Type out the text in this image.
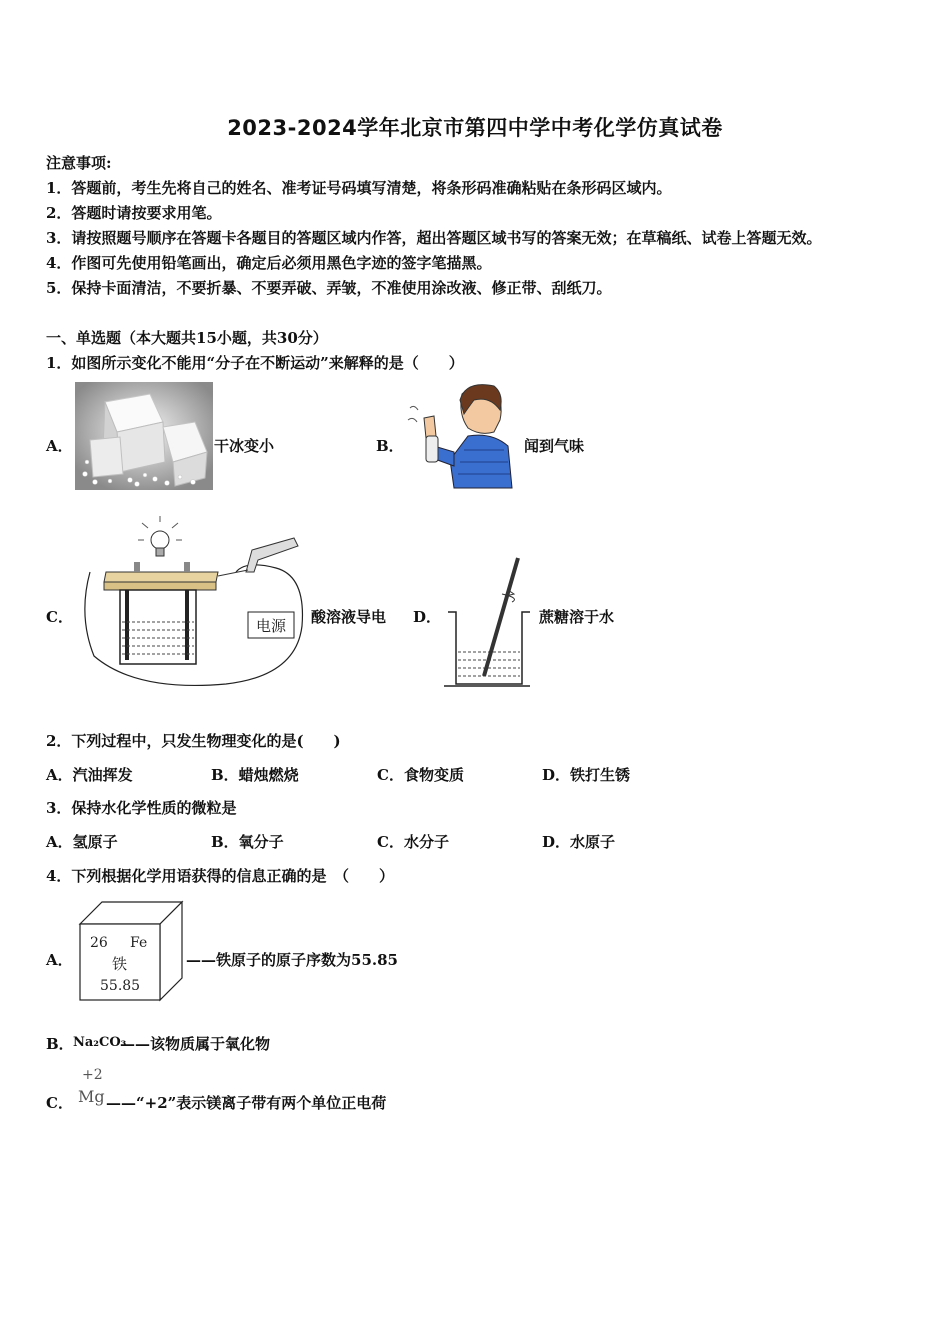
2023-2024学年北京市第四中学中考化学仿真试卷
注意事项:
1．答题前，考生先将自己的姓名、准考证号码填写清楚，将条形码准确粘贴在条形码区域内。
2．答题时请按要求用笔。
3．请按照题号顺序在答题卡各题目的答题区域内作答，超出答题区域书写的答案无效；在草稿纸、试卷上答题无效。
4．作图可先使用铅笔画出，确定后必须用黑色字迹的签字笔描黑。
5．保持卡面清洁，不要折暴、不要弄破、弄皱，不准使用涂改液、修正带、刮纸刀。
一、单选题（本大题共15小题，共30分）
1．如图所示变化不能用“分子在不断运动”来解释的是（　　）
A．	干冰变小	B．	闻到气味
C．	电源 酸溶液导电 D．	蔗糖溶于水
2．下列过程中，只发生物理变化的是(　　)
A．汽油挥发	B．蜡烛燃烧	C．食物变质	D．铁打生锈
3．保持水化学性质的微粒是
A．氢原子	B．氧分子	C．水分子	D．水原子
4．下列根据化学用语获得的信息正确的是　（　　）
A．
26 Fe
铁
55.85
——铁原子的原子序数为55.85
B． Na₂CO₃
——该物质属于氧化物
+2
C． Mg ——“+2”表示镁离子带有两个单位正电荷
